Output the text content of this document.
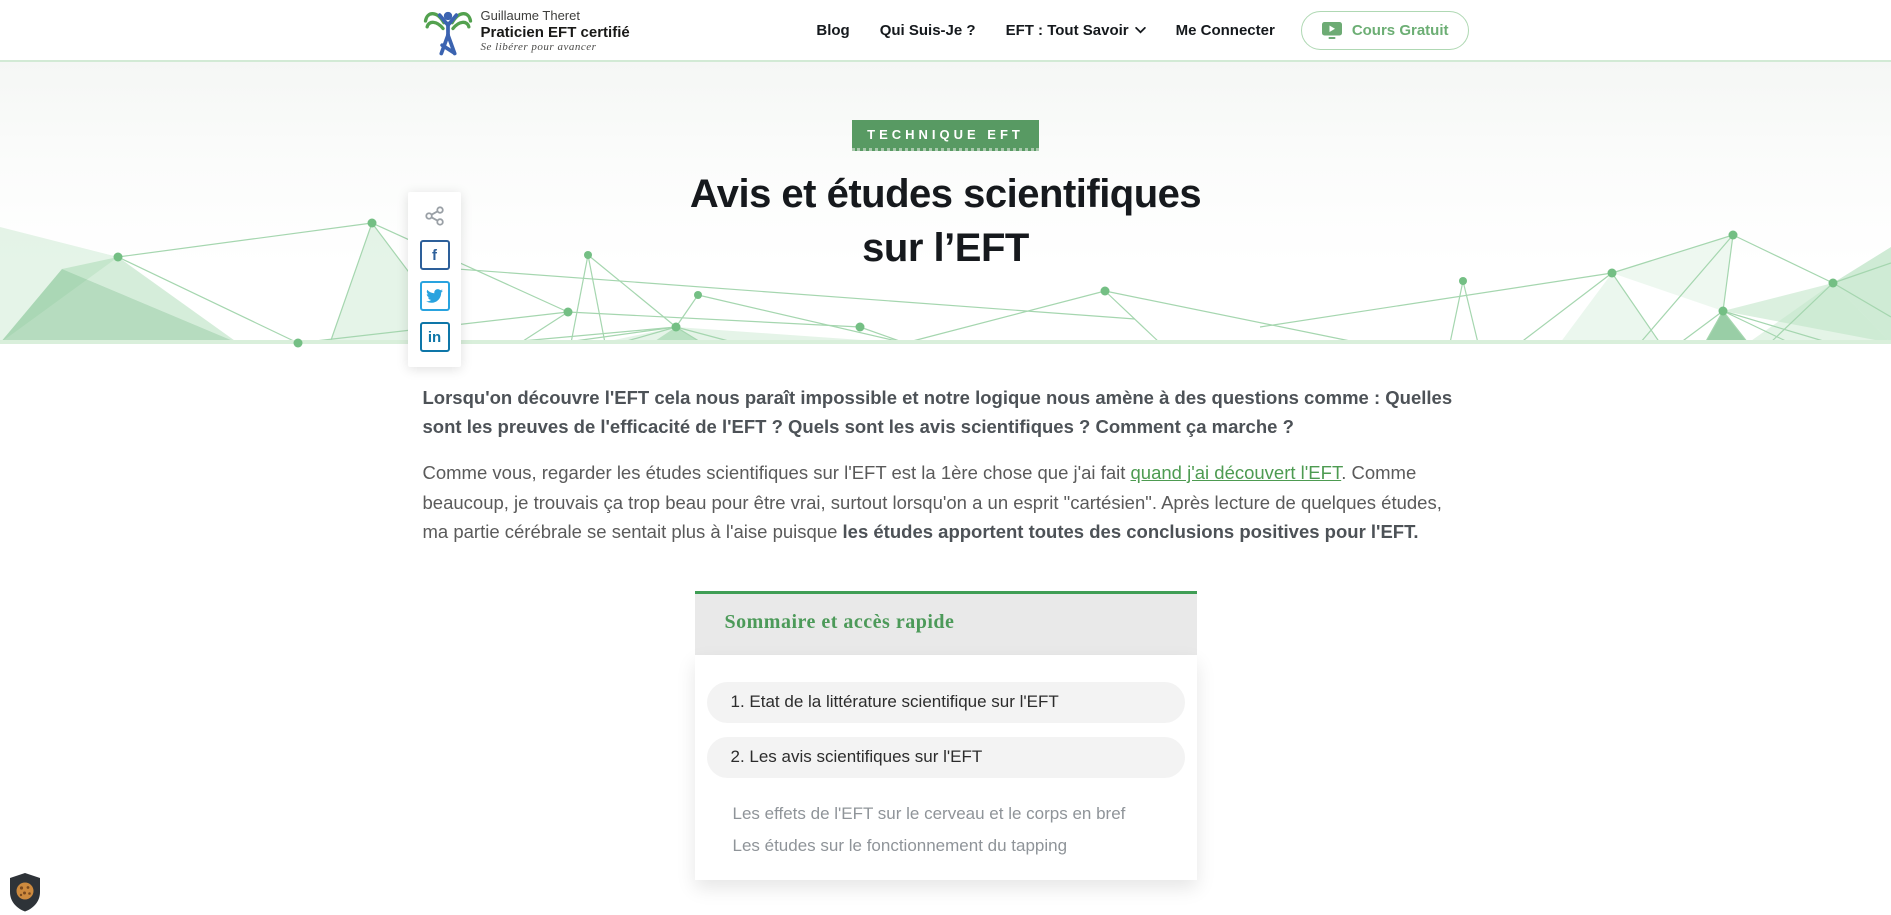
Guillaume Theret
Praticien EFT certifié
Se libérer pour avancer
Blog Qui Suis-Je ? EFT : Tout Savoir	Me Connecter	Cours Gratuit
TECHNIQUE EFT
Avis et études scientifiques
sur l’EFT
f
in

Lorsqu'on découvre l'EFT cela nous paraît impossible et notre logique nous amène à des questions comme : Quelles sont les preuves de l'efficacité de l'EFT ? Quels sont les avis scientifiques ? Comment ça marche ?

Comme vous, regarder les études scientifiques sur l'EFT est la 1ère chose que j'ai fait quand j'ai découvert l'EFT. Comme beaucoup, je trouvais ça trop beau pour être vrai, surtout lorsqu'on a un esprit "cartésien". Après lecture de quelques études, ma partie cérébrale se sentait plus à l'aise puisque les études apportent toutes des conclusions positives pour l'EFT.

Sommaire et accès rapide
1. Etat de la littérature scientifique sur l'EFT
2. Les avis scientifiques sur l'EFT
Les effets de l'EFT sur le cerveau et le corps en bref
Les études sur le fonctionnement du tapping
